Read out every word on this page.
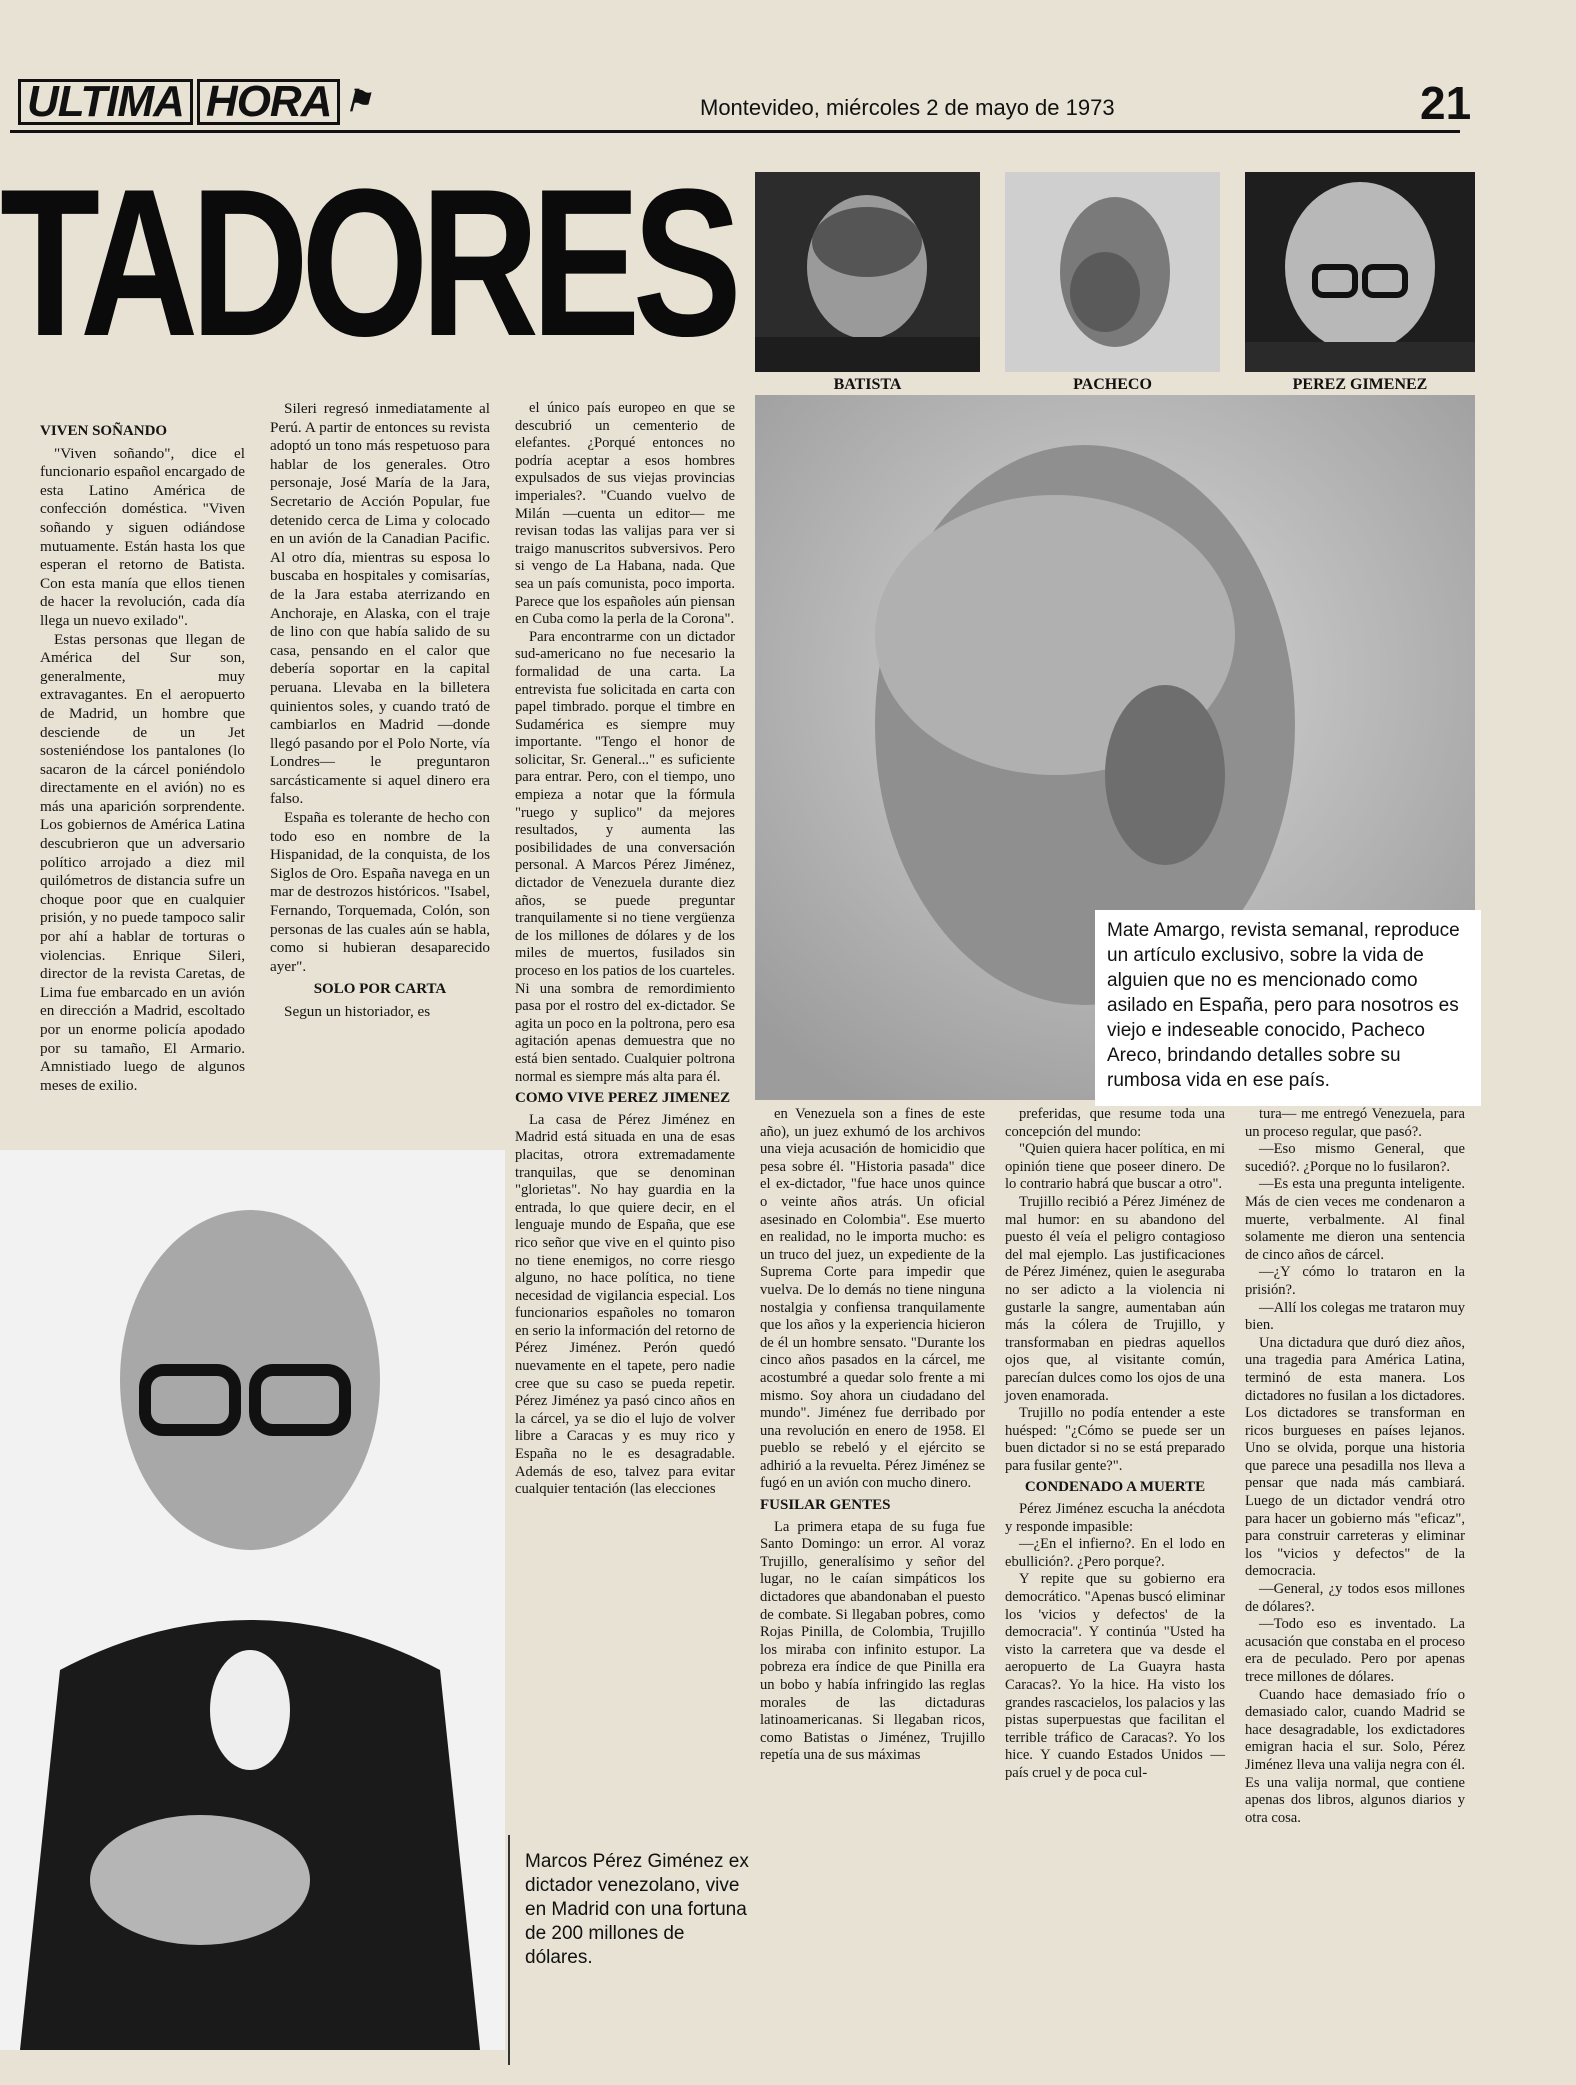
ULTIMA HORA ⚑	Montevideo, miércoles 2 de mayo de 1973	21
TADORES
BATISTA	PACHECO	PEREZ GIMENEZ
Mate Amargo, revista semanal, reproduce un artículo exclusivo, sobre la vida de alguien que no es mencionado como asilado en España, pero para nosotros es viejo e indeseable conocido, Pacheco Areco, brindando detalles sobre su rumbosa vida en ese país.
VIVEN SOÑANDO

"Viven soñando", dice el funcionario español encargado de esta Latino América de confección doméstica. "Viven soñando y siguen odiándose mutuamente. Están hasta los que esperan el retorno de Batista. Con esta manía que ellos tienen de hacer la revolución, cada día llega un nuevo exilado".

Estas personas que llegan de América del Sur son, generalmente, muy extravagantes. En el aeropuerto de Madrid, un hombre que desciende de un Jet sosteniéndose los pantalones (lo sacaron de la cárcel poniéndolo directamente en el avión) no es más una aparición sorprendente. Los gobiernos de América Latina descubrieron que un adversario político arrojado a diez mil quilómetros de distancia sufre un choque poor que en cualquier prisión, y no puede tampoco salir por ahí a hablar de torturas o violencias. Enrique Sileri, director de la revista Caretas, de Lima fue embarcado en un avión en dirección a Madrid, escoltado por un enorme policía apodado por su tamaño, El Armario. Amnistiado luego de algunos meses de exilio.

Sileri regresó inmediatamente al Perú. A partir de entonces su revista adoptó un tono más respetuoso para hablar de los generales. Otro personaje, José María de la Jara, Secretario de Acción Popular, fue detenido cerca de Lima y colocado en un avión de la Canadian Pacific. Al otro día, mientras su esposa lo buscaba en hospitales y comisarías, de la Jara estaba aterrizando en Anchoraje, en Alaska, con el traje de lino con que había salido de su casa, pensando en el calor que debería soportar en la capital peruana. Llevaba en la billetera quinientos soles, y cuando trató de cambiarlos en Madrid —donde llegó pasando por el Polo Norte, vía Londres— le preguntaron sarcásticamente si aquel dinero era falso.

España es tolerante de hecho con todo eso en nombre de la Hispanidad, de la conquista, de los Siglos de Oro. España navega en un mar de destrozos históricos. "Isabel, Fernando, Torquemada, Colón, son personas de las cuales aún se habla, como si hubieran desaparecido ayer".

SOLO POR CARTA

Segun un historiador, es

el único país europeo en que se descubrió un cementerio de elefantes. ¿Porqué entonces no podría aceptar a esos hombres expulsados de sus viejas provincias imperiales?. "Cuando vuelvo de Milán —cuenta un editor— me revisan todas las valijas para ver si traigo manuscritos subversivos. Pero si vengo de La Habana, nada. Que sea un país comunista, poco importa. Parece que los españoles aún piensan en Cuba como la perla de la Corona".

Para encontrarme con un dictador sud-americano no fue necesario la formalidad de una carta. La entrevista fue solicitada en carta con papel timbrado. porque el timbre en Sudamérica es siempre muy importante. "Tengo el honor de solicitar, Sr. General..." es suficiente para entrar. Pero, con el tiempo, uno empieza a notar que la fórmula "ruego y suplico" da mejores resultados, y aumenta las posibilidades de una conversación personal. A Marcos Pérez Jiménez, dictador de Venezuela durante diez años, se puede preguntar tranquilamente si no tiene vergüenza de los millones de dólares y de los miles de muertos, fusilados sin proceso en los patios de los cuarteles. Ni una sombra de remordimiento pasa por el rostro del ex-dictador. Se agita un poco en la poltrona, pero esa agitación apenas demuestra que no está bien sentado. Cualquier poltrona normal es siempre más alta para él.

COMO VIVE PEREZ JIMENEZ

La casa de Pérez Jiménez en Madrid está situada en una de esas placitas, otrora extremadamente tranquilas, que se denominan "glorietas". No hay guardia en la entrada, lo que quiere decir, en el lenguaje mundo de España, que ese rico señor que vive en el quinto piso no tiene enemigos, no corre riesgo alguno, no hace política, no tiene necesidad de vigilancia especial. Los funcionarios españoles no tomaron en serio la información del retorno de Pérez Jiménez. Perón quedó nuevamente en el tapete, pero nadie cree que su caso se pueda repetir. Pérez Jiménez ya pasó cinco años en la cárcel, ya se dio el lujo de volver libre a Caracas y es muy rico y España no le es desagradable. Además de eso, talvez para evitar cualquier tentación (las elecciones

Marcos Pérez Giménez ex dictador venezolano, vive en Madrid con una fortuna de 200 millones de dólares.

en Venezuela son a fines de este año), un juez exhumó de los archivos una vieja acusación de homicidio que pesa sobre él. "Historia pasada" dice el ex-dictador, "fue hace unos quince o veinte años atrás. Un oficial asesinado en Colombia". Ese muerto en realidad, no le importa mucho: es un truco del juez, un expediente de la Suprema Corte para impedir que vuelva. De lo demás no tiene ninguna nostalgia y confiensa tranquilamente que los años y la experiencia hicieron de él un hombre sensato. "Durante los cinco años pasados en la cárcel, me acostumbré a quedar solo frente a mi mismo. Soy ahora un ciudadano del mundo". Jiménez fue derribado por una revolución en enero de 1958. El pueblo se rebeló y el ejército se adhirió a la revuelta. Pérez Jiménez se fugó en un avión con mucho dinero.

FUSILAR GENTES

La primera etapa de su fuga fue Santo Domingo: un error. Al voraz Trujillo, generalísimo y señor del lugar, no le caían simpáticos los dictadores que abandonaban el puesto de combate. Si llegaban pobres, como Rojas Pinilla, de Colombia, Trujillo los miraba con infinito estupor. La pobreza era índice de que Pinilla era un bobo y había infringido las reglas morales de las dictaduras latinoamericanas. Si llegaban ricos, como Batistas o Jiménez, Trujillo repetía una de sus máximas

preferidas, que resume toda una concepción del mundo:

"Quien quiera hacer política, en mi opinión tiene que poseer dinero. De lo contrario habrá que buscar a otro".

Trujillo recibió a Pérez Jiménez de mal humor: en su abandono del puesto él veía el peligro contagioso del mal ejemplo. Las justificaciones de Pérez Jiménez, quien le aseguraba no ser adicto a la violencia ni gustarle la sangre, aumentaban aún más la cólera de Trujillo, y transformaban en piedras aquellos ojos que, al visitante común, parecían dulces como los ojos de una joven enamorada.

Trujillo no podía entender a este huésped: "¿Cómo se puede ser un buen dictador si no se está preparado para fusilar gente?".

CONDENADO A MUERTE

Pérez Jiménez escucha la anécdota y responde impasible:

—¿En el infierno?. En el lodo en ebullición?. ¿Pero porque?.

Y repite que su gobierno era democrático. "Apenas buscó eliminar los 'vicios y defectos' de la democracia". Y continúa "Usted ha visto la carretera que va desde el aeropuerto de La Guayra hasta Caracas?. Yo la hice. Ha visto los grandes rascacielos, los palacios y las pistas superpuestas que facilitan el terrible tráfico de Caracas?. Yo los hice. Y cuando Estados Unidos —país cruel y de poca cul-

tura— me entregó Venezuela, para un proceso regular, que pasó?.

—Eso mismo General, que sucedió?. ¿Porque no lo fusilaron?.

—Es esta una pregunta inteligente. Más de cien veces me condenaron a muerte, verbalmente. Al final solamente me dieron una sentencia de cinco años de cárcel.

—¿Y cómo lo trataron en la prisión?.

—Allí los colegas me trataron muy bien.

Una dictadura que duró diez años, una tragedia para América Latina, terminó de esta manera. Los dictadores no fusilan a los dictadores. Los dictadores se transforman en ricos burgueses en países lejanos. Uno se olvida, porque una historia que parece una pesadilla nos lleva a pensar que nada más cambiará. Luego de un dictador vendrá otro para hacer un gobierno más "eficaz", para construir carreteras y eliminar los "vicios y defectos" de la democracia.

—General, ¿y todos esos millones de dólares?.

—Todo eso es inventado. La acusación que constaba en el proceso era de peculado. Pero por apenas trece millones de dólares.

Cuando hace demasiado frío o demasiado calor, cuando Madrid se hace desagradable, los exdictadores emigran hacia el sur. Solo, Pérez Jiménez lleva una valija negra con él. Es una valija normal, que contiene apenas dos libros, algunos diarios y otra cosa.
